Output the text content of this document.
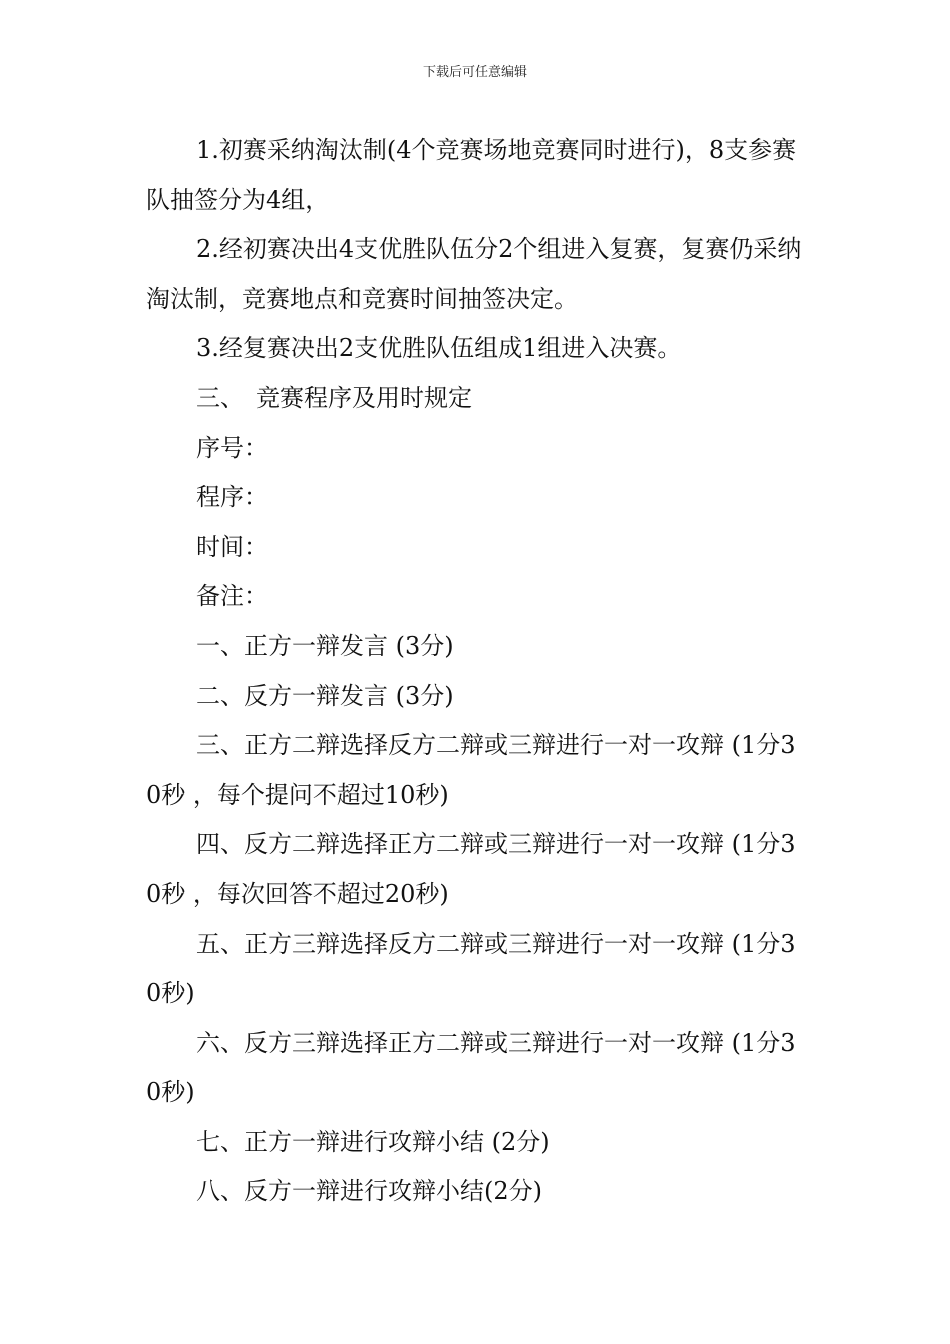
下载后可任意编辑

1.初赛采纳淘汰制(4个竞赛场地竞赛同时进行)，8支参赛队抽签分为4组，

2.经初赛决出4支优胜队伍分2个组进入复赛，复赛仍采纳淘汰制，竞赛地点和竞赛时间抽签决定。

3.经复赛决出2支优胜队伍组成1组进入决赛。

三、　竞赛程序及用时规定

序号：

程序：

时间：

备注：

一、正方一辩发言 (3分)

二、反方一辩发言 (3分)

三、正方二辩选择反方二辩或三辩进行一对一攻辩 (1分30秒 ，每个提问不超过10秒)

四、反方二辩选择正方二辩或三辩进行一对一攻辩 (1分30秒 ，每次回答不超过20秒)

五、正方三辩选择反方二辩或三辩进行一对一攻辩 (1分30秒)

六、反方三辩选择正方二辩或三辩进行一对一攻辩 (1分30秒)

七、正方一辩进行攻辩小结 (2分)

八、反方一辩进行攻辩小结(2分)
